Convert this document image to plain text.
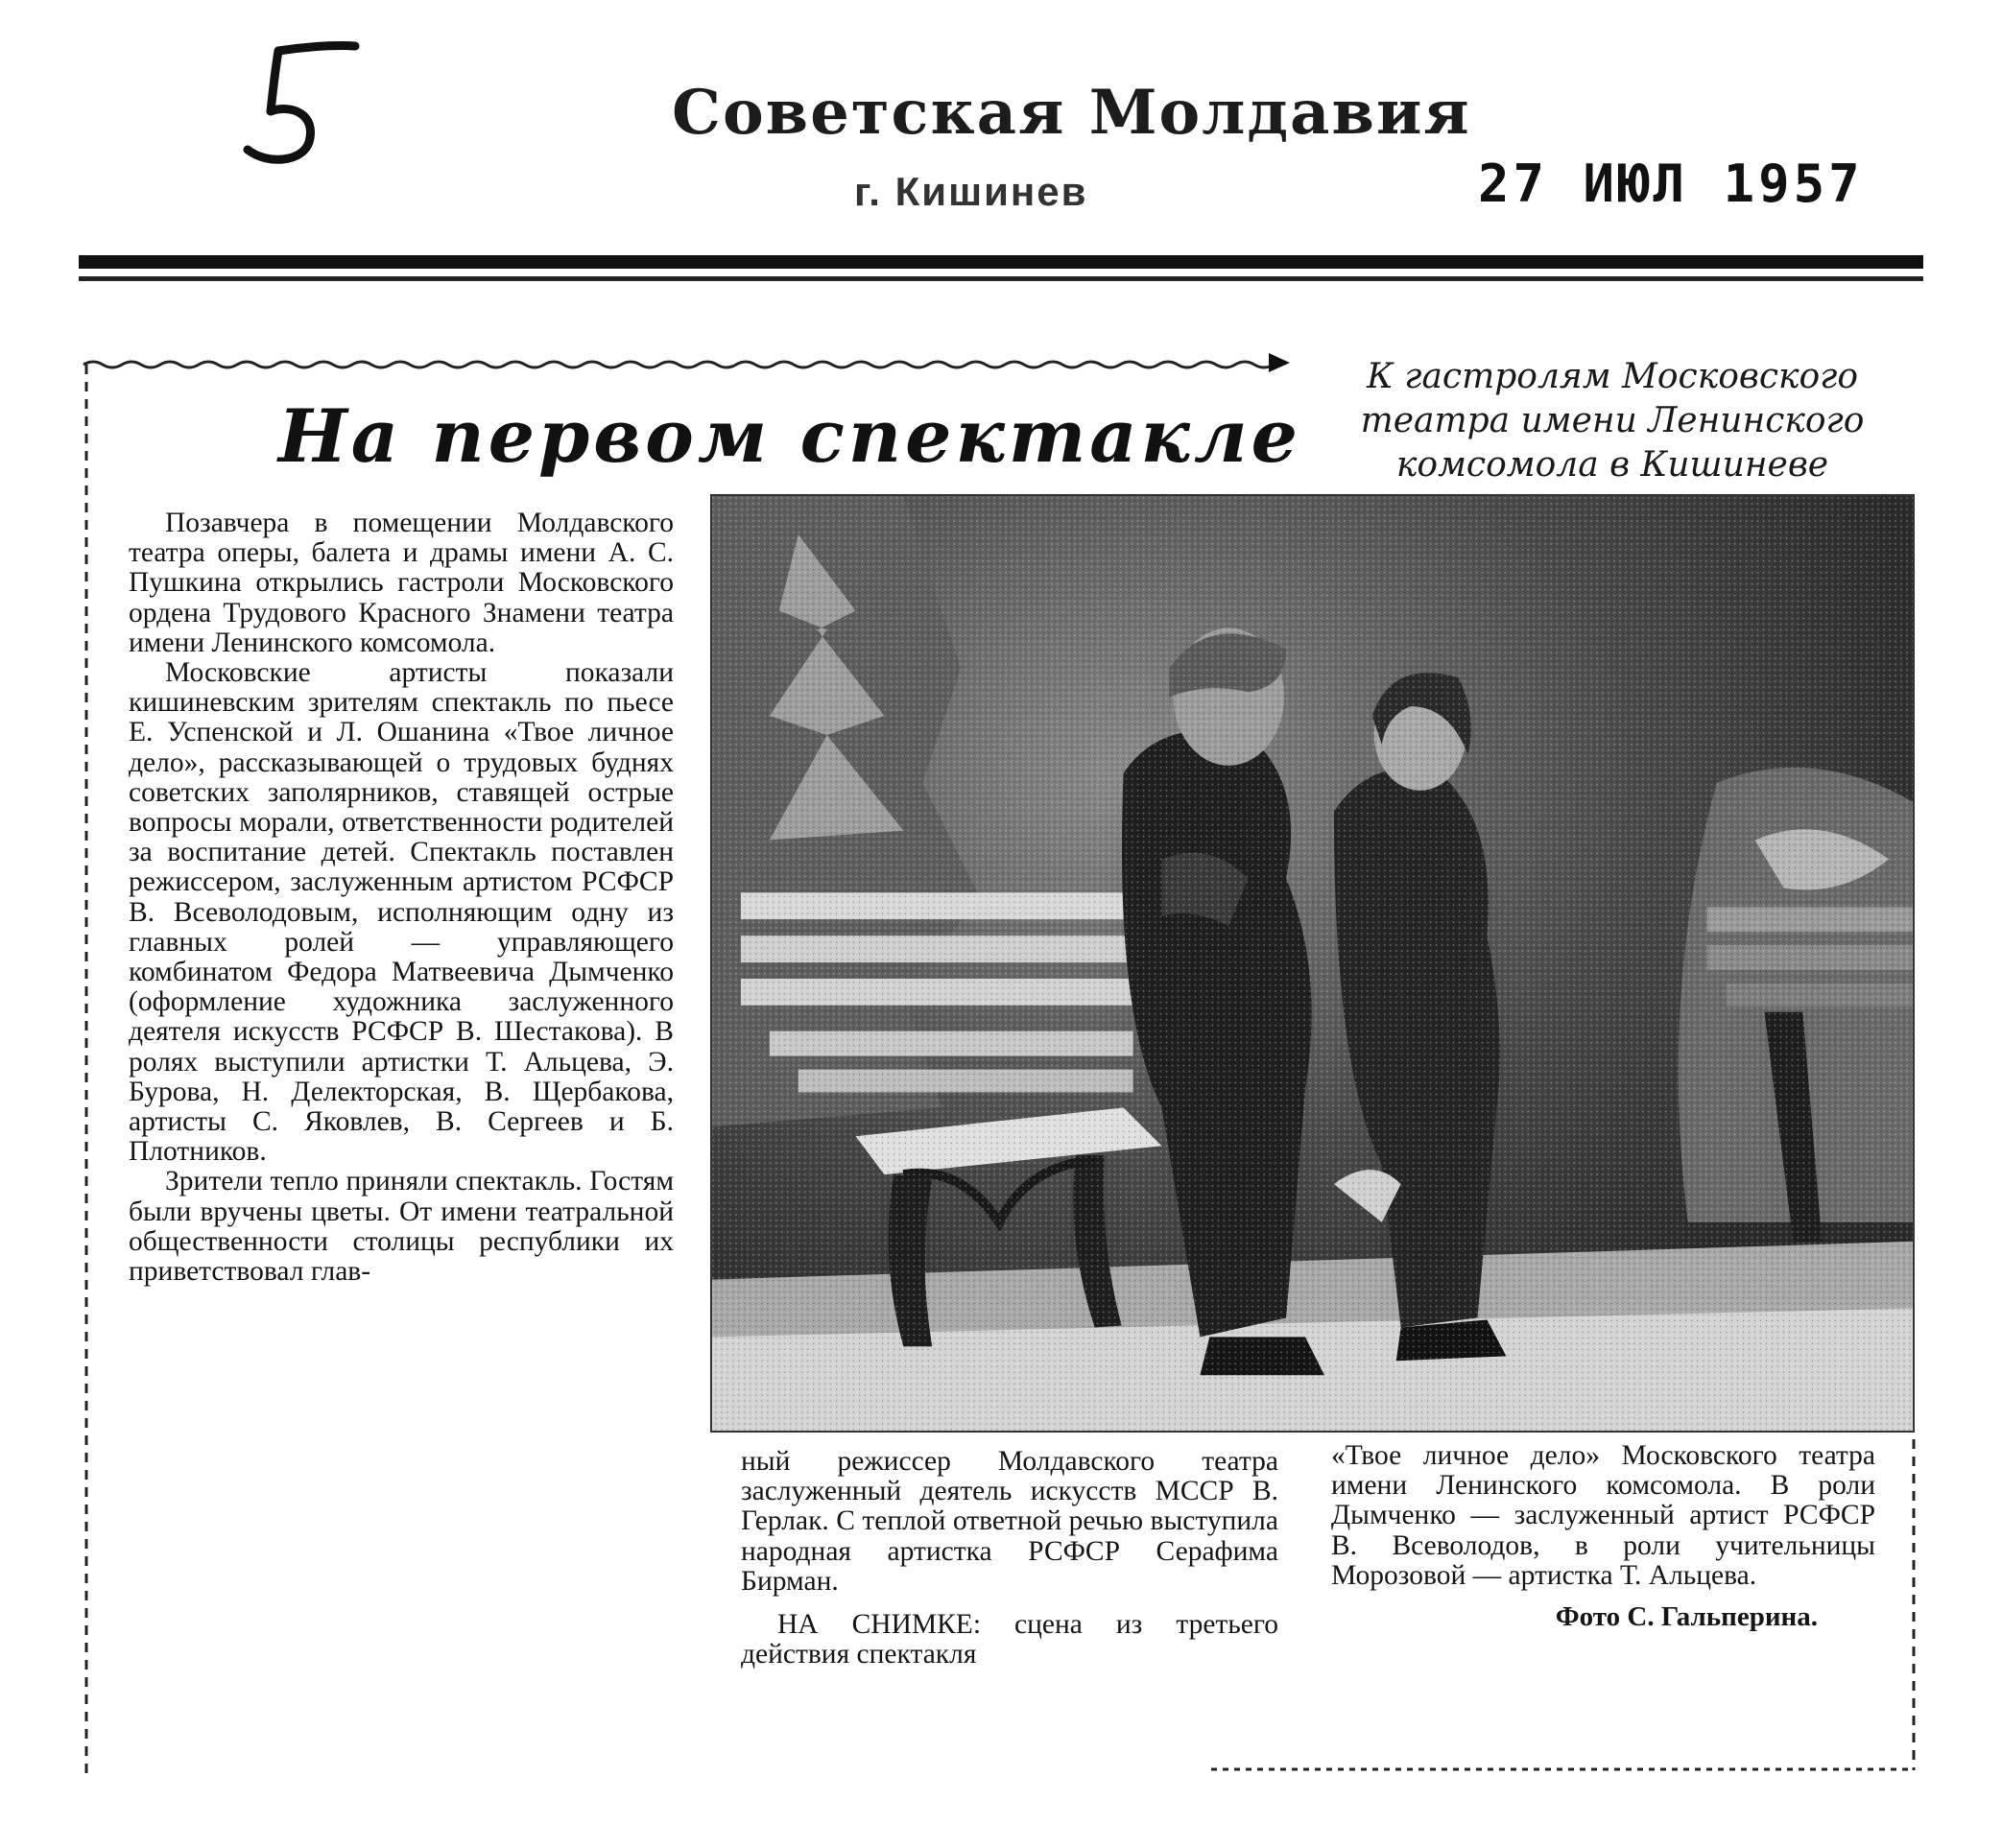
Советская Молдавия
г. Кишинев	27 ИЮЛ 1957
На первом спектакле
К гастролям Московского
театра имени Ленинского
комсомола в Кишиневе

Позавчера в помещении Молдавского театра оперы, балета и драмы имени А. С. Пушкина открылись гастроли Московского ордена Трудового Красного Знамени театра имени Ленинского комсомола.

Московские артисты показали кишиневским зрителям спектакль по пьесе Е. Успенской и Л. Ошанина «Твое личное дело», рассказывающей о трудовых буднях советских заполярников, ставящей острые вопросы морали, ответственности родителей за воспитание детей. Спектакль поставлен режиссером, заслуженным артистом РСФСР В. Всеволодовым, исполняющим одну из главных ролей — управляющего комбинатом Федора Матвеевича Дымченко (оформление художника заслуженного деятеля искусств РСФСР В. Шестакова). В ролях выступили артистки Т. Альцева, Э. Бурова, Н. Делекторская, В. Щербакова, артисты С. Яковлев, В. Сергеев и Б. Плотников.

Зрители тепло приняли спектакль. Гостям были вручены цветы. От имени театральной общественности столицы республики их приветствовал глав-

ный режиссер Молдавского театра заслуженный деятель искусств МССР В. Герлак. С теплой ответной речью выступила народная артистка РСФСР Серафима Бирман.

НА СНИМКЕ: сцена из третьего действия спектакля

«Твое личное дело» Московского театра имени Ленинского комсомола. В роли Дымченко — заслуженный артист РСФСР В. Всеволодов, в роли учительницы Морозовой — артистка Т. Альцева.

Фото С. Гальперина.
